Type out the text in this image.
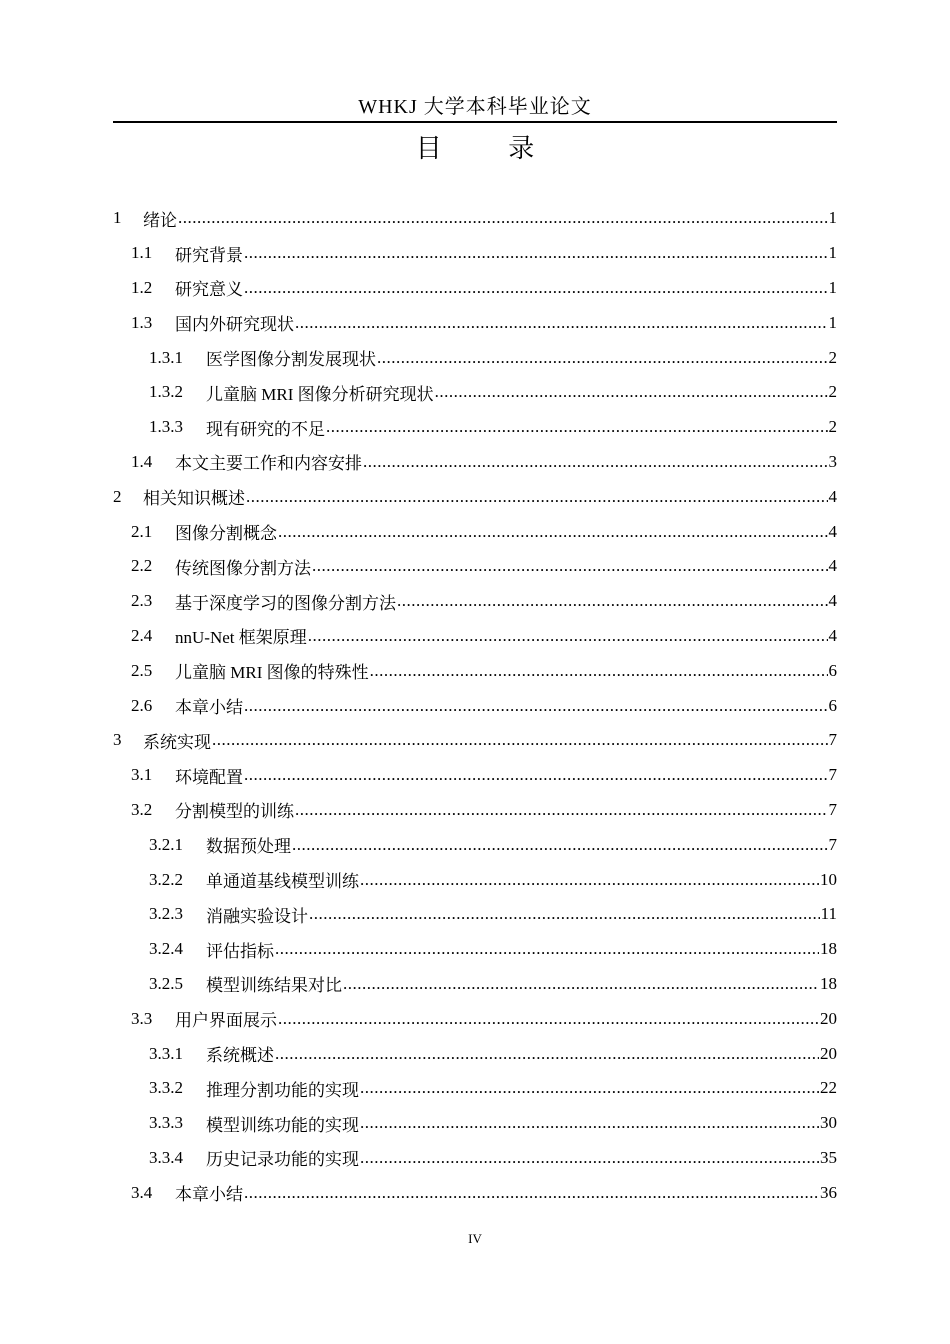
WHKJ 大学本科毕业论文
目 录
1	绪论 .....	1
1.1	研究背景 .....	1
1.2	研究意义 .....	1
1.3	国内外研究现状 .....	1
1.3.1	医学图像分割发展现状 .....	2
1.3.2	儿童脑 MRI 图像分析研究现状 .....	2
1.3.3	现有研究的不足 .....	2
1.4	本文主要工作和内容安排 .....	3
2	相关知识概述 .....	4
2.1	图像分割概念 .....	4
2.2	传统图像分割方法 .....	4
2.3	基于深度学习的图像分割方法 .....	4
2.4	nnU-Net 框架原理 .....	4
2.5	儿童脑 MRI 图像的特殊性 .....	6
2.6	本章小结 .....	6
3	系统实现 .....	7
3.1	环境配置 .....	7
3.2	分割模型的训练 .....	7
3.2.1	数据预处理 .....	7
3.2.2	单通道基线模型训练 .....	10
3.2.3	消融实验设计 .....	11
3.2.4	评估指标 .....	18
3.2.5	模型训练结果对比 .....	18
3.3	用户界面展示 .....	20
3.3.1	系统概述 .....	20
3.3.2	推理分割功能的实现 .....	22
3.3.3	模型训练功能的实现 .....	30
3.3.4	历史记录功能的实现 .....	35
3.4	本章小结 .....	36
IV
